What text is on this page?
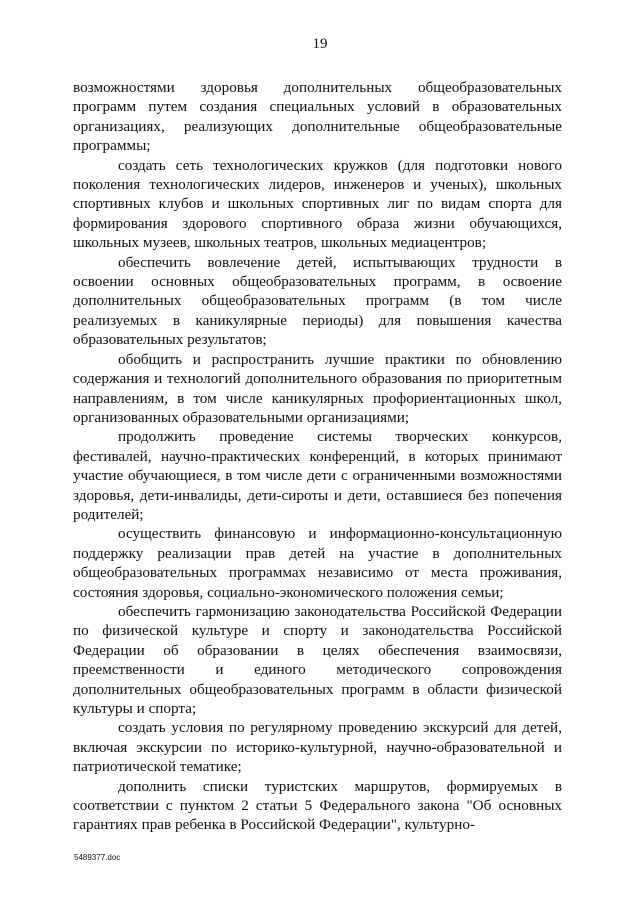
19

возможностями здоровья дополнительных общеобразовательных программ путем создания специальных условий в образовательных организациях, реализующих дополнительные общеобразовательные программы;

создать сеть технологических кружков (для подготовки нового поколения технологических лидеров, инженеров и ученых), школьных спортивных клубов и школьных спортивных лиг по видам спорта для формирования здорового спортивного образа жизни обучающихся, школьных музеев, школьных театров, школьных медиацентров;

обеспечить вовлечение детей, испытывающих трудности в освоении основных общеобразовательных программ, в освоение дополнительных общеобразовательных программ (в том числе реализуемых в каникулярные периоды) для повышения качества образовательных результатов;

обобщить и распространить лучшие практики по обновлению содержания и технологий дополнительного образования по приоритетным направлениям, в том числе каникулярных профориентационных школ, организованных образовательными организациями;

продолжить проведение системы творческих конкурсов, фестивалей, научно-практических конференций, в которых принимают участие обучающиеся, в том числе дети с ограниченными возможностями здоровья, дети-инвалиды, дети-сироты и дети, оставшиеся без попечения родителей;

осуществить финансовую и информационно-консультационную поддержку реализации прав детей на участие в дополнительных общеобразовательных программах независимо от места проживания, состояния здоровья, социально-экономического положения семьи;

обеспечить гармонизацию законодательства Российской Федерации по физической культуре и спорту и законодательства Российской Федерации об образовании в целях обеспечения взаимосвязи, преемственности и единого методического сопровождения дополнительных общеобразовательных программ в области физической культуры и спорта;

создать условия по регулярному проведению экскурсий для детей, включая экскурсии по историко-культурной, научно-образовательной и патриотической тематике;

дополнить списки туристских маршрутов, формируемых в соответствии с пунктом 2 статьи 5 Федерального закона "Об основных гарантиях прав ребенка в Российской Федерации", культурно-

5489377.doc
